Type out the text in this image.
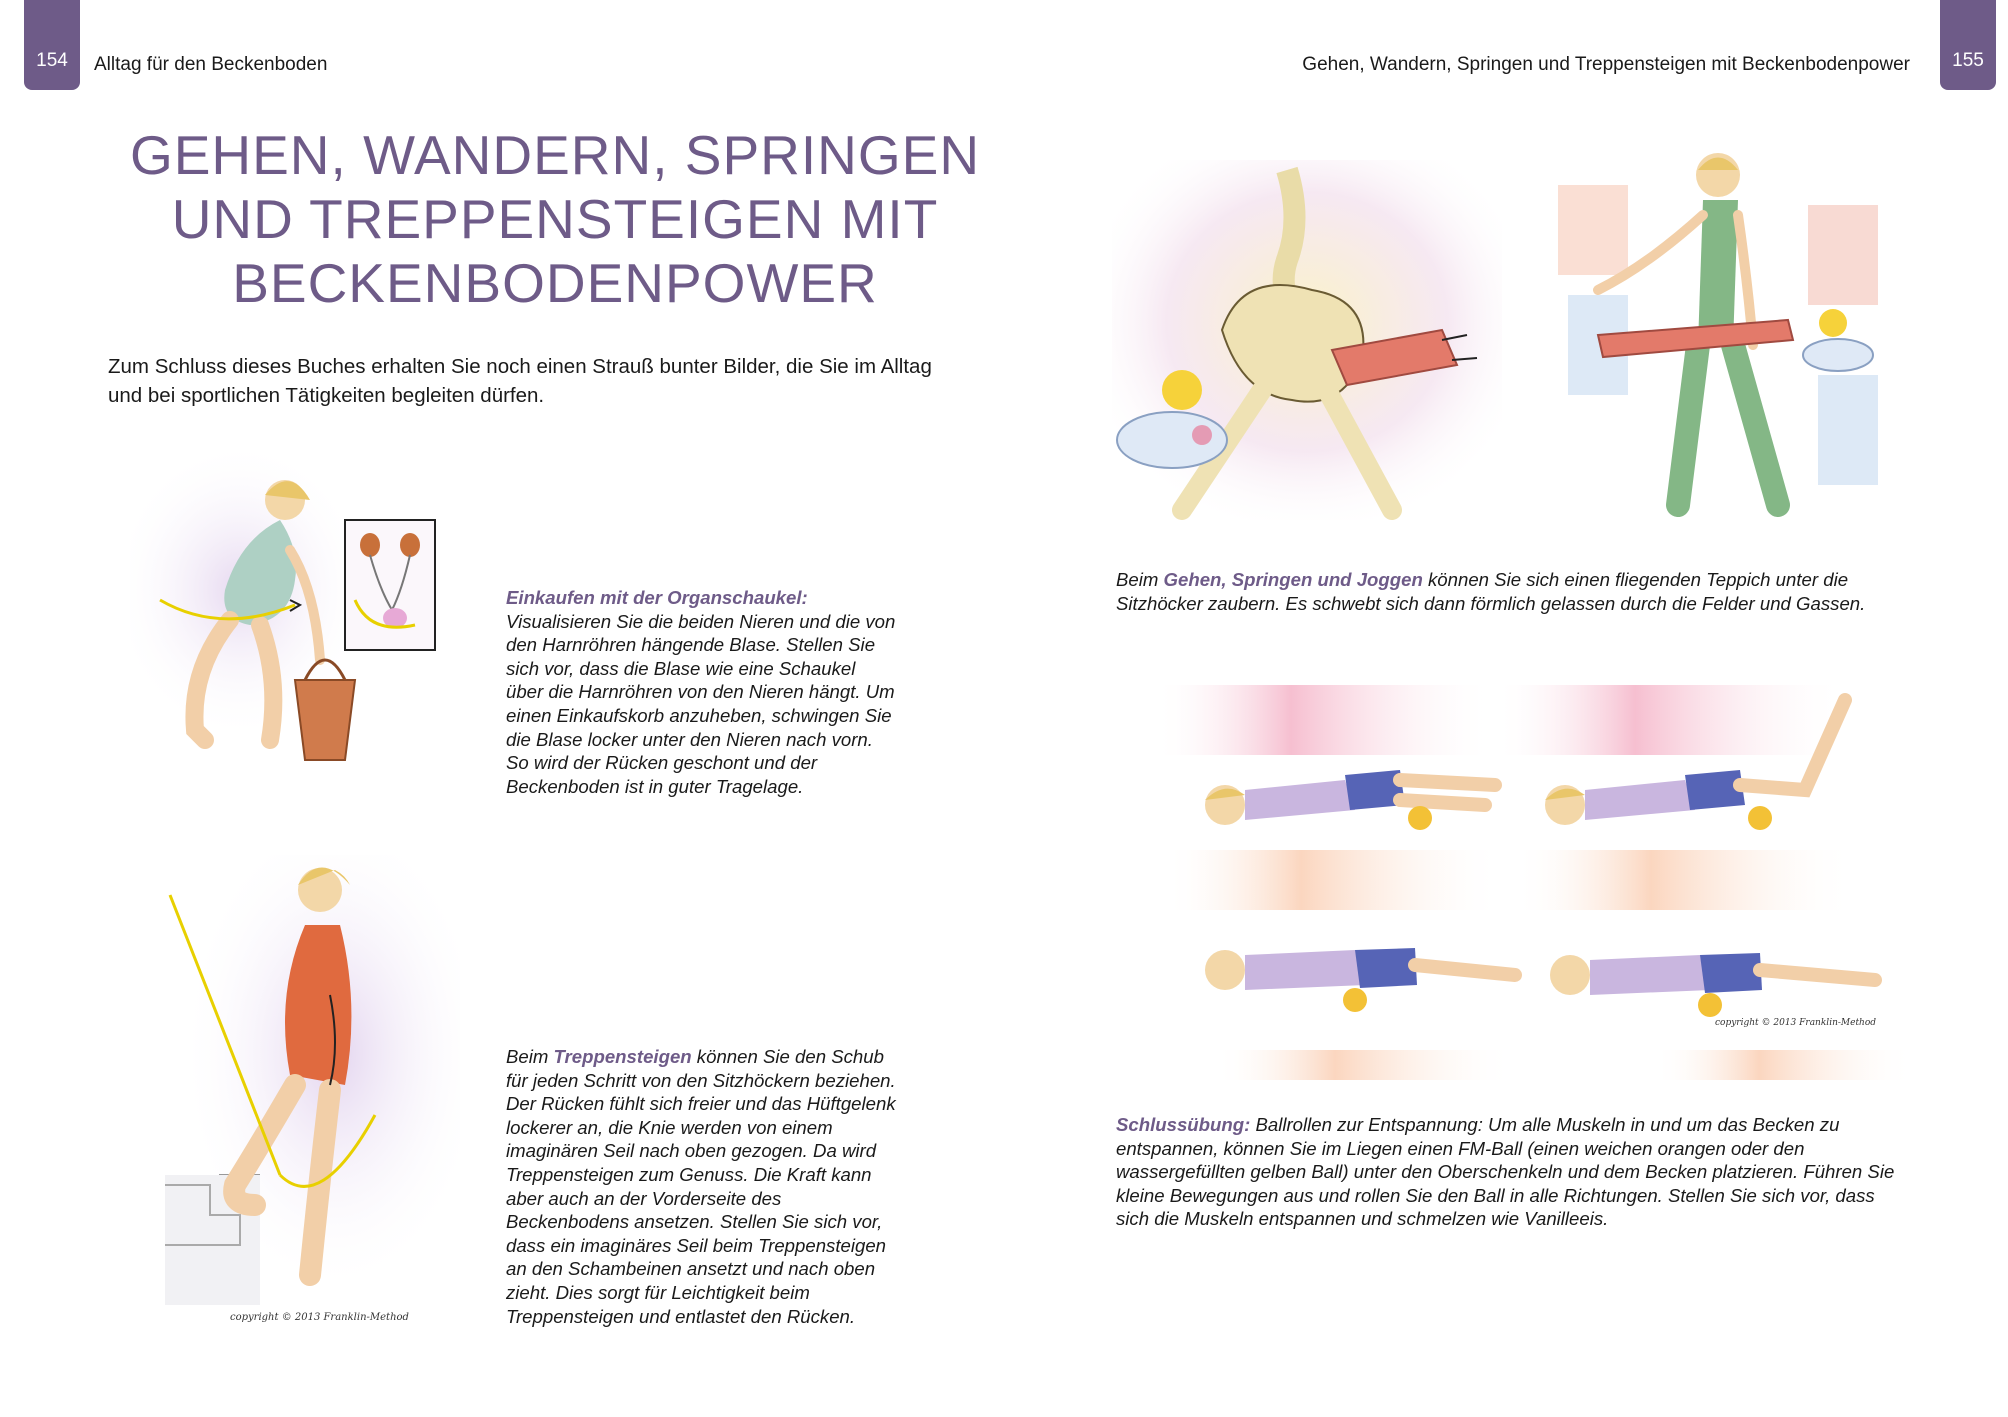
154	Alltag für den Beckenboden
GEHEN, WANDERN, SPRINGEN
UND TREPPENSTEIGEN MIT
BECKENBODENPOWER
Zum Schluss dieses Buches erhalten Sie noch einen Strauß bunter Bilder, die Sie im Alltag und bei sportlichen Tätigkeiten begleiten dürfen.
Einkaufen mit der Organschaukel: Visualisieren Sie die beiden Nieren und die von den Harnröhren hängende Blase. Stellen Sie sich vor, dass die Blase wie eine Schaukel über die Harnröhren von den Nieren hängt. Um einen Einkaufskorb anzuheben, schwingen Sie die Blase locker unter den Nieren nach vorn. So wird der Rücken geschont und der Beckenboden ist in guter Tragelage.
copyright © 2013 Franklin-Method
Beim Treppensteigen können Sie den Schub für jeden Schritt von den Sitzhöckern beziehen. Der Rücken fühlt sich freier und das Hüftgelenk lockerer an, die Knie werden von einem imaginären Seil nach oben gezogen. Da wird Treppensteigen zum Genuss. Die Kraft kann aber auch an der Vorderseite des Beckenbodens ansetzen. Stellen Sie sich vor, dass ein imaginäres Seil beim Treppensteigen an den Schambeinen ansetzt und nach oben zieht. Dies sorgt für Leichtigkeit beim Treppensteigen und entlastet den Rücken.
155
Gehen, Wandern, Springen und Treppensteigen mit Beckenbodenpower
Beim Gehen, Springen und Joggen können Sie sich einen fliegenden Teppich unter die Sitzhöcker zaubern. Es schwebt sich dann förmlich gelassen durch die Felder und Gassen.
copyright © 2013 Franklin-Method
Schlussübung: Ballrollen zur Entspannung: Um alle Muskeln in und um das Becken zu entspannen, können Sie im Liegen einen FM-Ball (einen weichen orangen oder den wassergefüllten gelben Ball) unter den Oberschenkeln und dem Becken platzieren. Führen Sie kleine Bewegungen aus und rollen Sie den Ball in alle Richtungen. Stellen Sie sich vor, dass sich die Muskeln entspannen und schmelzen wie Vanilleeis.
